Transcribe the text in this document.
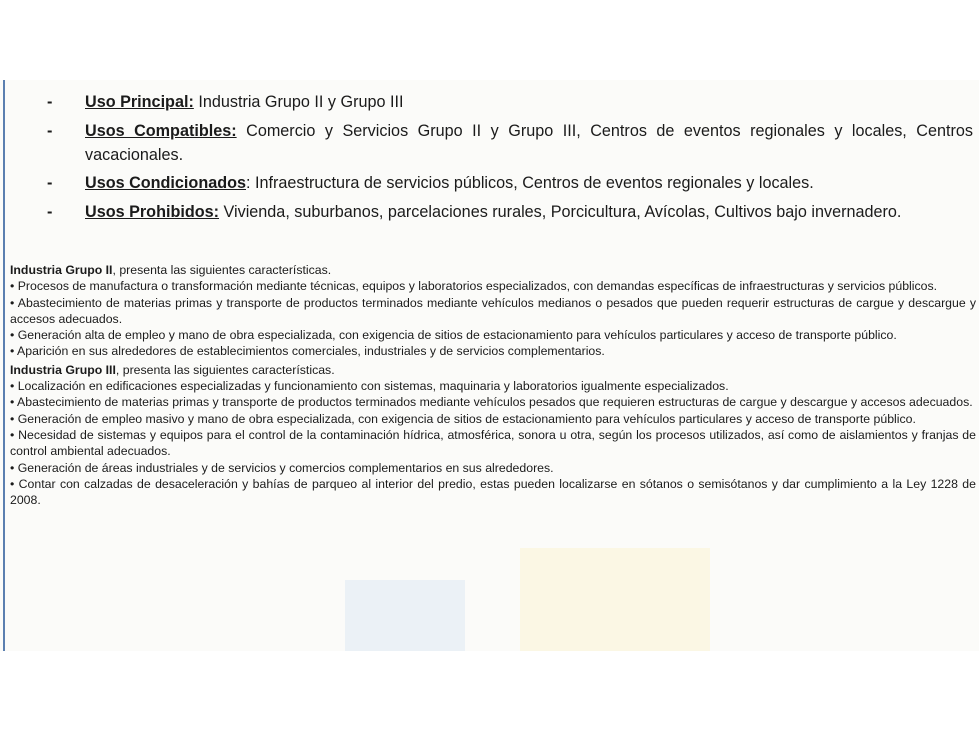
- Uso Principal: Industria Grupo II y Grupo III
- Usos Compatibles: Comercio y Servicios Grupo II y Grupo III, Centros de eventos regionales y locales, Centros vacacionales.
- Usos Condicionados: Infraestructura de servicios públicos, Centros de eventos regionales y locales.
- Usos Prohibidos: Vivienda, suburbanos, parcelaciones rurales, Porcicultura, Avícolas, Cultivos bajo invernadero.

Industria Grupo II, presenta las siguientes características.

• Procesos de manufactura o transformación mediante técnicas, equipos y laboratorios especializados, con demandas específicas de infraestructuras y servicios públicos.

• Abastecimiento de materias primas y transporte de productos terminados mediante vehículos medianos o pesados que pueden requerir estructuras de cargue y descargue y accesos adecuados.

• Generación alta de empleo y mano de obra especializada, con exigencia de sitios de estacionamiento para vehículos particulares y acceso de transporte público.

• Aparición en sus alrededores de establecimientos comerciales, industriales y de servicios complementarios.

Industria Grupo III, presenta las siguientes características.

• Localización en edificaciones especializadas y funcionamiento con sistemas, maquinaria y laboratorios igualmente especializados.

• Abastecimiento de materias primas y transporte de productos terminados mediante vehículos pesados que requieren estructuras de cargue y descargue y accesos adecuados.

• Generación de empleo masivo y mano de obra especializada, con exigencia de sitios de estacionamiento para vehículos particulares y acceso de transporte público.

• Necesidad de sistemas y equipos para el control de la contaminación hídrica, atmosférica, sonora u otra, según los procesos utilizados, así como de aislamientos y franjas de control ambiental adecuados.

• Generación de áreas industriales y de servicios y comercios complementarios en sus alrededores.

• Contar con calzadas de desaceleración y bahías de parqueo al interior del predio, estas pueden localizarse en sótanos o semisótanos y dar cumplimiento a la Ley 1228 de 2008.
